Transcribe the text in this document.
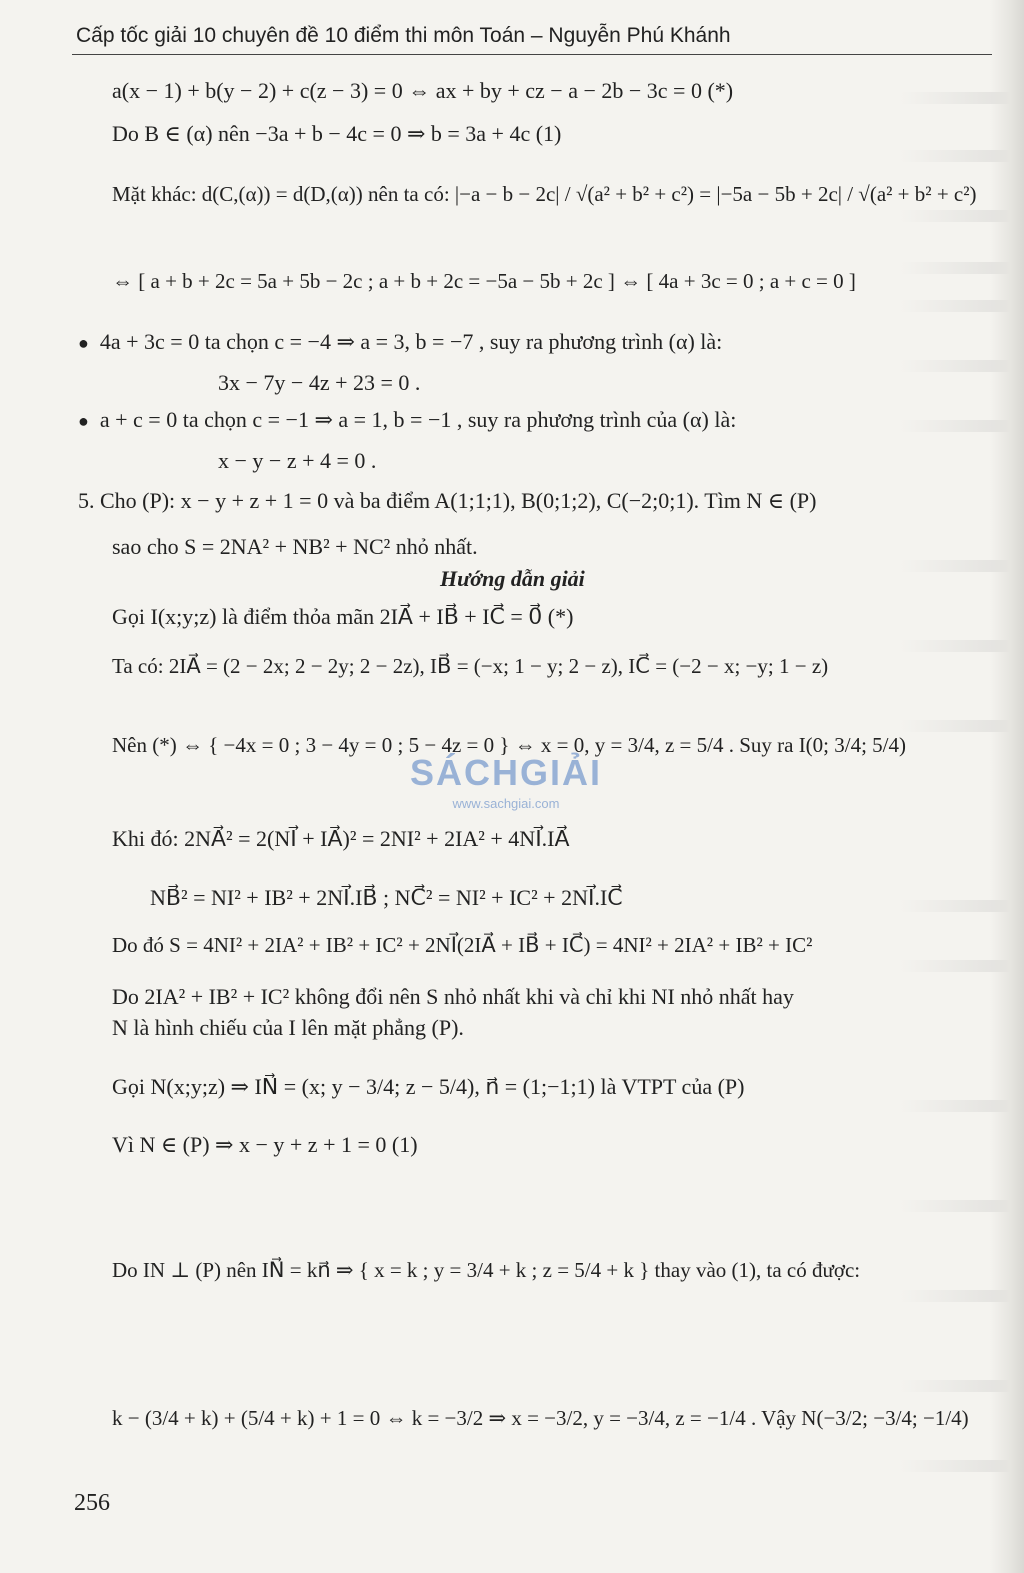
Cấp tốc giải 10 chuyên đề 10 điểm thi môn Toán – Nguyễn Phú Khánh
a(x − 1) + b(y − 2) + c(z − 3) = 0 ⇔ ax + by + cz − a − 2b − 3c = 0 (*)
Do B ∈ (α) nên −3a + b − 4c = 0 ⇒ b = 3a + 4c (1)
Mặt khác: d(C,(α)) = d(D,(α)) nên ta có: |−a − b − 2c| / √(a² + b² + c²) = |−5a − 5b + 2c| / √(a² + b² + c²)
⇔ [ a + b + 2c = 5a + 5b − 2c ; a + b + 2c = −5a − 5b + 2c ] ⇔ [ 4a + 3c = 0 ; a + c = 0 ]
● 4a + 3c = 0 ta chọn c = −4 ⇒ a = 3, b = −7 , suy ra phương trình (α) là:
3x − 7y − 4z + 23 = 0 .
● a + c = 0 ta chọn c = −1 ⇒ a = 1, b = −1 , suy ra phương trình của (α) là:
x − y − z + 4 = 0 .
5. Cho (P): x − y + z + 1 = 0 và ba điểm A(1;1;1), B(0;1;2), C(−2;0;1). Tìm N ∈ (P)
sao cho S = 2NA² + NB² + NC² nhỏ nhất.
Hướng dẫn giải
Gọi I(x;y;z) là điểm thỏa mãn 2IA⃗ + IB⃗ + IC⃗ = 0⃗ (*)
Ta có: 2IA⃗ = (2 − 2x; 2 − 2y; 2 − 2z), IB⃗ = (−x; 1 − y; 2 − z), IC⃗ = (−2 − x; −y; 1 − z)
Nên (*) ⇔ { −4x = 0 ; 3 − 4y = 0 ; 5 − 4z = 0 } ⇔ x = 0, y = 3/4, z = 5/4 . Suy ra I(0; 3/4; 5/4)
SÁCHGIẢI
www.sachgiai.com
Khi đó: 2NA⃗² = 2(NI⃗ + IA⃗)² = 2NI² + 2IA² + 4NI⃗.IA⃗
NB⃗² = NI² + IB² + 2NI⃗.IB⃗ ; NC⃗² = NI² + IC² + 2NI⃗.IC⃗
Do đó S = 4NI² + 2IA² + IB² + IC² + 2NI⃗(2IA⃗ + IB⃗ + IC⃗) = 4NI² + 2IA² + IB² + IC²
Do 2IA² + IB² + IC² không đổi nên S nhỏ nhất khi và chỉ khi NI nhỏ nhất hay
N là hình chiếu của I lên mặt phẳng (P).
Gọi N(x;y;z) ⇒ IN⃗ = (x; y − 3/4; z − 5/4), n⃗ = (1;−1;1) là VTPT của (P)
Vì N ∈ (P) ⇒ x − y + z + 1 = 0 (1)
Do IN ⊥ (P) nên IN⃗ = kn⃗ ⇒ { x = k ; y = 3/4 + k ; z = 5/4 + k } thay vào (1), ta có được:
k − (3/4 + k) + (5/4 + k) + 1 = 0 ⇔ k = −3/2 ⇒ x = −3/2, y = −3/4, z = −1/4 . Vậy N(−3/2; −3/4; −1/4)
256
